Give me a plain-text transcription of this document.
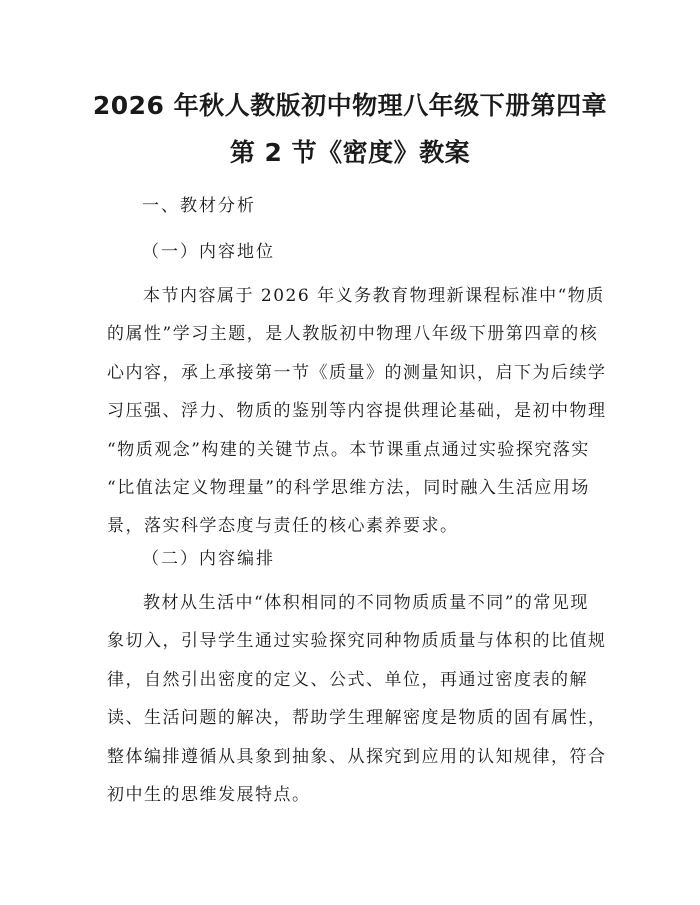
2026 年秋人教版初中物理八年级下册第四章
第 2 节《密度》教案
一、教材分析
（一）内容地位
本节内容属于 2026 年义务教育物理新课程标准中“物质
的属性”学习主题，是人教版初中物理八年级下册第四章的核
心内容，承上承接第一节《质量》的测量知识，启下为后续学
习压强、浮力、物质的鉴别等内容提供理论基础，是初中物理
“物质观念”构建的关键节点。本节课重点通过实验探究落实
“比值法定义物理量”的科学思维方法，同时融入生活应用场
景，落实科学态度与责任的核心素养要求。
（二）内容编排
教材从生活中“体积相同的不同物质质量不同”的常见现
象切入，引导学生通过实验探究同种物质质量与体积的比值规
律，自然引出密度的定义、公式、单位，再通过密度表的解
读、生活问题的解决，帮助学生理解密度是物质的固有属性，
整体编排遵循从具象到抽象、从探究到应用的认知规律，符合
初中生的思维发展特点。
